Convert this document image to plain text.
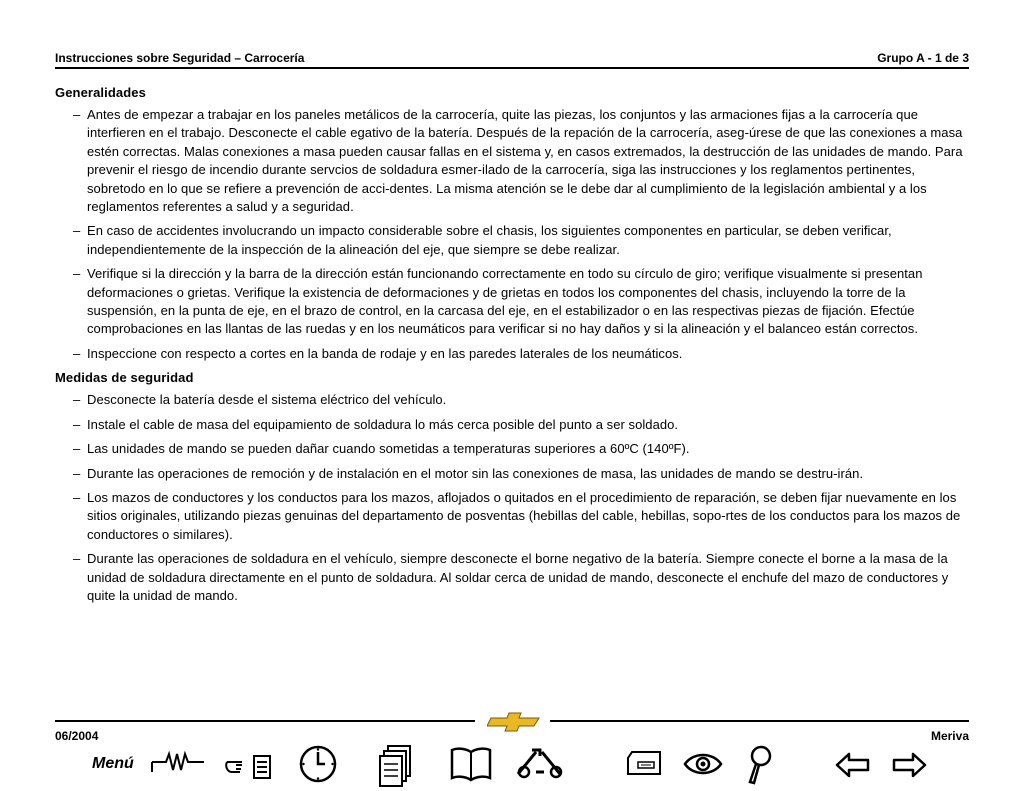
Instrucciones sobre Seguridad – Carrocería	Grupo A - 1 de 3
Generalidades
– Antes de empezar a trabajar en los paneles metálicos de la carrocería, quite las piezas, los conjuntos y las armaciones fijas a la carrocería que interfieren en el trabajo. Desconecte el cable egativo de la batería. Después de la repación de la carrocería, aseg-úrese de que las conexiones a masa estén correctas. Malas conexiones a masa pueden causar fallas en el sistema y, en casos extremados, la destrucción de las unidades de mando. Para prevenir el riesgo de incendio durante servcios de soldadura esmer-ilado de la carrocería, siga las instrucciones y los reglamentos pertinentes, sobretodo en lo que se refiere a prevención de acci-dentes. La misma atención se le debe dar al cumplimiento de la legislación ambiental y a los reglamentos referentes a salud y a seguridad.
– En caso de accidentes involucrando un impacto considerable sobre el chasis, los siguientes componentes en particular, se deben verificar, independientemente de la inspección de la alineación del eje, que siempre se debe realizar.
– Verifique si la dirección y la barra de la dirección están funcionando correctamente en todo su círculo de giro; verifique visualmente si presentan deformaciones o grietas. Verifique la existencia de deformaciones y de grietas en todos los componentes del chasis, incluyendo la torre de la suspensión, en la punta de eje, en el brazo de control, en la carcasa del eje, en el estabilizador o en las respectivas piezas de fijación. Efectúe comprobaciones en las llantas de las ruedas y en los neumáticos para verificar si no hay daños y si la alineación y el balanceo están correctos.
– Inspeccione con respecto a cortes en la banda de rodaje y en las paredes laterales de los neumáticos.
Medidas de seguridad
– Desconecte la batería desde el sistema eléctrico del vehículo.
– Instale el cable de masa del equipamiento de soldadura lo más cerca posible del punto a ser soldado.
– Las unidades de mando se pueden dañar cuando sometidas a temperaturas superiores a 60ºC (140ºF).
– Durante las operaciones de remoción y de instalación en el motor sin las conexiones de masa, las unidades de mando se destru-irán.
– Los mazos de conductores y los conductos para los mazos, aflojados o quitados en el procedimiento de reparación, se deben fijar nuevamente en los sitios originales, utilizando piezas genuinas del departamento de posventas (hebillas del cable, hebillas, sopo-rtes de los conductos para los mazos de conductores o similares).
– Durante las operaciones de soldadura en el vehículo, siempre desconecte el borne negativo de la batería. Siempre conecte el borne a la masa de la unidad de soldadura directamente en el punto de soldadura. Al soldar cerca de unidad de mando, desconecte el enchufe del mazo de conductores y quite la unidad de mando.
06/2004	Meriva
Menú
